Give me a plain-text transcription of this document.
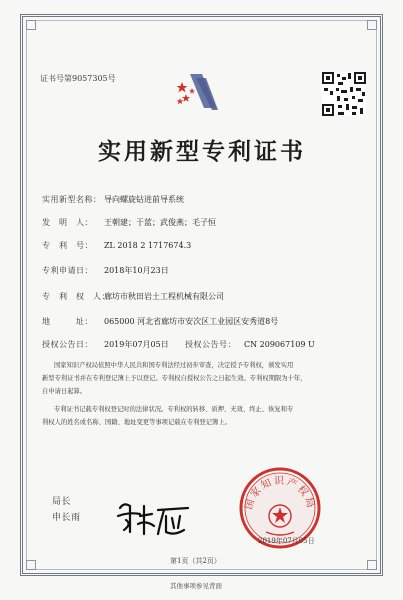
证书号第9057305号
实用新型专利证书
实用新型名称： 导向螺旋钻进前导系统
发　明　人： 王朝建；于蓝；武俊燕；毛子恒
专　利　号： ZL 2018 2 1717674.3
专利申请日： 2018年10月23日
专　利　权　人：
廊坊市秋田岩土工程机械有限公司
地　　　址： 065000 河北省廊坊市安次区工业园区安秀道8号
授权公告日： 2019年07月05日 授权公告号： CN 209067109 U
国家知识产权局依照中华人民共和国专利法经过初步审查，决定授予专利权，颁发实用
新型专利证书并在专利登记簿上予以登记。专利权自授权公告之日起生效。专利权期限为十年，
自申请日起算。
专利证书记载专利权登记时的法律状况。专利权的转移、质押、无效、终止、恢复和专
利权人的姓名或名称、国籍、地址变更等事项记载在专利登记簿上。
局长
申长雨
国家知识产权局
2019年07月05日
第1页（共2页）
其他事项参见背面
